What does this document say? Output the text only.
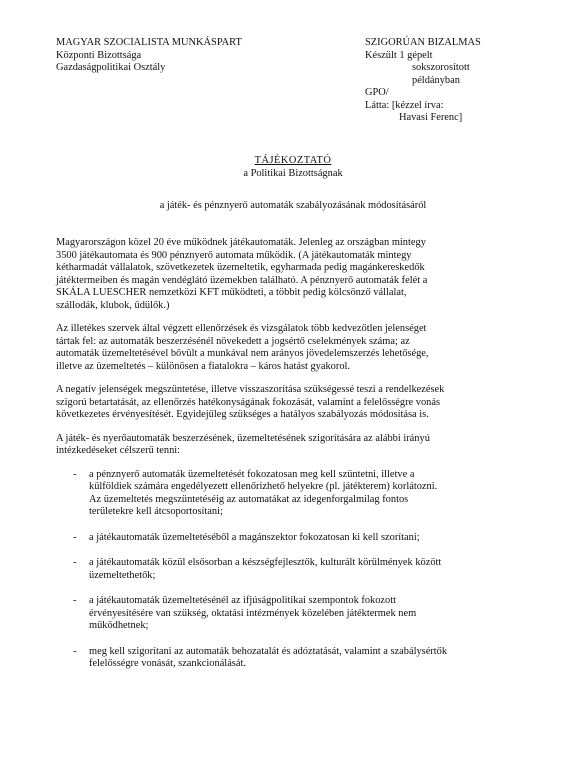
MAGYAR SZOCIALISTA MUNKÁSPART
Központi Bizottsága
Gazdaságpolitikai Osztály
SZIGORÚAN BIZALMAS
Készült 1 gépelt
sokszorosított
példányban
GPO/
Látta: [kézzel írva:
Havasi Ferenc]
TÁJÉKOZTATÓ
a Politikai Bizottságnak
a játék- és pénznyerő automaták szabályozásának módosításáról
Magyarországon közel 20 éve működnek játékautomaták. Jelenleg az országban mintegy
3500 játékautomata és 900 pénznyerő automata működik. (A játékautomaták mintegy
kétharmadát vállalatok, szövetkezetek üzemeltetik, egyharmada pedig magánkereskedők
játéktermeiben és magán vendéglátó üzemekben található. A pénznyerő automaták felét a
SKÁLA LUESCHER nemzetközi KFT működteti, a többit pedig kölcsönző vállalat,
szállodák, klubok, üdülők.)
Az illetékes szervek által végzett ellenőrzések és vizsgálatok több kedvezőtlen jelenséget
tártak fel: az automaták beszerzésénél növekedett a jogsértő cselekmények száma; az
automaták üzemeltetésével bővült a munkával nem arányos jövedelemszerzés lehetősége,
illetve az üzemeltetés – különösen a fiatalokra – káros hatást gyakorol.
A negatív jelenségek megszüntetése, illetve visszaszorítása szükségessé teszi a rendelkezések
szigorú betartatását, az ellenőrzés hatékonyságának fokozását, valamint a felelősségre vonás
következetes érvényesítését. Egyidejűleg szükséges a hatályos szabályozás módosítása is.
A játék- és nyerőautomaták beszerzésének, üzemeltetésének szigorítására az alábbi irányú
intézkedéseket célszerű tenni:
- a pénznyerő automaták üzemeltetését fokozatosan meg kell szüntetni, illetve a
külföldiek számára engedélyezett ellenőrizhető helyekre (pl. játékterem) korlátozni.
Az üzemeltetés megszüntetéséig az automatákat az idegenforgalmilag fontos
területekre kell átcsoportosítani;
- a játékautomaták üzemeltetéséből a magánszektor fokozatosan ki kell szorítani;
- a játékautomaták közül elsősorban a készségfejlesztők, kulturált körülmények között
üzemeltethetők;
- a játékautomaták üzemeltetésénél az ifjúságpolitikai szempontok fokozott
érvényesítésére van szükség, oktatási intézmények közelében játéktermek nem
működhetnek;
- meg kell szigorítani az automaták behozatalát és adóztatását, valamint a szabálysértők
felelősségre vonását, szankcionálását.
